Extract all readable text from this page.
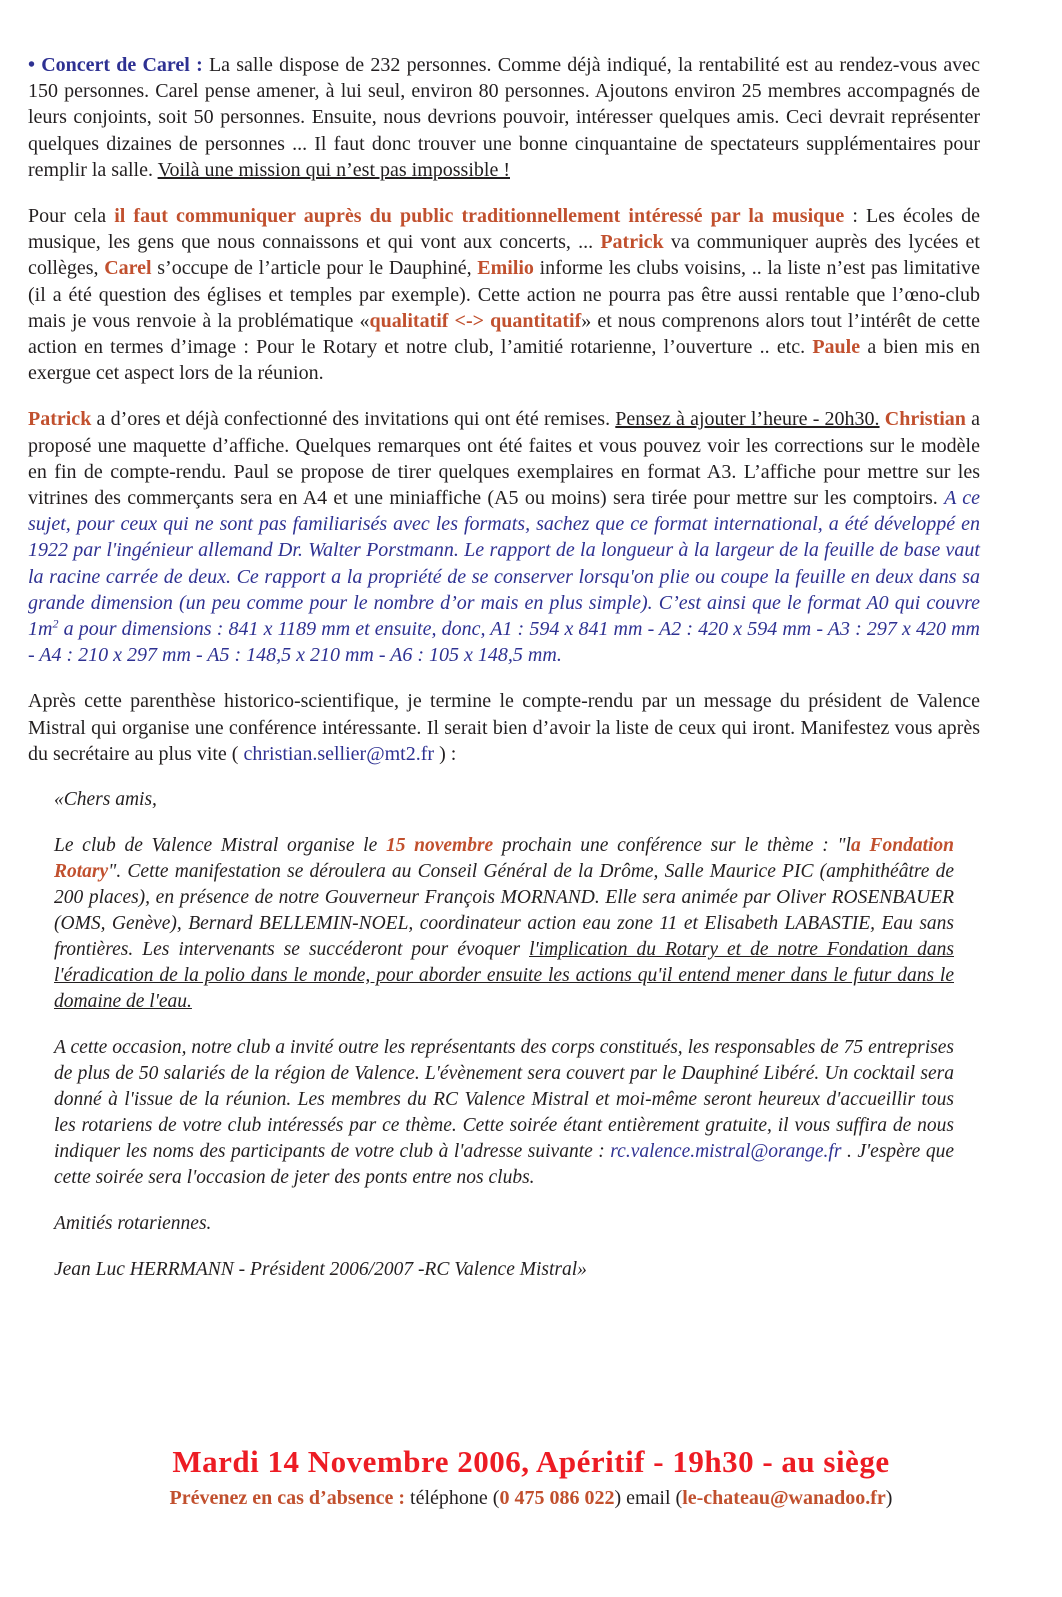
• Concert de Carel : La salle dispose de 232 personnes. Comme déjà indiqué, la rentabilité est au rendez-vous avec 150 personnes. Carel pense amener, à lui seul, environ 80 personnes. Ajoutons environ 25 membres accompagnés de leurs conjoints, soit 50 personnes. Ensuite, nous devrions pouvoir, intéresser quelques amis. Ceci devrait représenter quelques dizaines de personnes ... Il faut donc trouver une bonne cinquantaine de spectateurs supplémentaires pour remplir la salle. Voilà une mission qui n’est pas impossible !

Pour cela il faut communiquer auprès du public traditionnellement intéressé par la musique : Les écoles de musique, les gens que nous connaissons et qui vont aux concerts, ... Patrick va communiquer auprès des lycées et collèges, Carel s’occupe de l’article pour le Dauphiné, Emilio informe les clubs voisins, .. la liste n’est pas limitative (il a été question des églises et temples par exemple). Cette action ne pourra pas être aussi rentable que l’œno-club mais je vous renvoie à la problématique «qualitatif <-> quantitatif» et nous comprenons alors tout l’intérêt de cette action en termes d’image : Pour le Rotary et notre club, l’amitié rotarienne, l’ouverture .. etc. Paule a bien mis en exergue cet aspect lors de la réunion.

Patrick a d’ores et déjà confectionné des invitations qui ont été remises. Pensez à ajouter l’heure - 20h30. Christian a proposé une maquette d’affiche. Quelques remarques ont été faites et vous pouvez voir les corrections sur le modèle en fin de compte-rendu. Paul se propose de tirer quelques exemplaires en format A3. L’affiche pour mettre sur les vitrines des commerçants sera en A4 et une miniaffiche (A5 ou moins) sera tirée pour mettre sur les comptoirs. A ce sujet, pour ceux qui ne sont pas familiarisés avec les formats, sachez que ce format international, a été développé en 1922 par l'ingénieur allemand Dr. Walter Porstmann. Le rapport de la longueur à la largeur de la feuille de base vaut la racine carrée de deux. Ce rapport a la propriété de se conserver lorsqu'on plie ou coupe la feuille en deux dans sa grande dimension (un peu comme pour le nombre d’or mais en plus simple). C’est ainsi que le format A0 qui couvre $1m^2$ a pour dimensions : 841 x 1189 mm et ensuite, donc, A1 : 594 x 841 mm - A2 : 420 x 594 mm - A3 : 297 x 420 mm - A4 : 210 x 297 mm - A5 : 148,5 x 210 mm - A6 : 105 x 148,5 mm.

Après cette parenthèse historico-scientifique, je termine le compte-rendu par un message du président de Valence Mistral qui organise une conférence intéressante. Il serait bien d’avoir la liste de ceux qui iront. Manifestez vous après du secrétaire au plus vite ( christian.sellier@mt2.fr ) :

«Chers amis,

Le club de Valence Mistral organise le 15 novembre prochain une conférence sur le thème : "la Fondation Rotary". Cette manifestation se déroulera au Conseil Général de la Drôme, Salle Maurice PIC (amphithéâtre de 200 places), en présence de notre Gouverneur François MORNAND. Elle sera animée par Oliver ROSENBAUER (OMS, Genève), Bernard BELLEMIN-NOEL, coordinateur action eau zone 11 et Elisabeth LABASTIE, Eau sans frontières. Les intervenants se succéderont pour évoquer l'implication du Rotary et de notre Fondation dans l'éradication de la polio dans le monde, pour aborder ensuite les actions qu'il entend mener dans le futur dans le domaine de l'eau.

A cette occasion, notre club a invité outre les représentants des corps constitués, les responsables de 75 entreprises de plus de 50 salariés de la région de Valence. L'évènement sera couvert par le Dauphiné Libéré. Un cocktail sera donné à l'issue de la réunion. Les membres du RC Valence Mistral et moi-même seront heureux d'accueillir tous les rotariens de votre club intéressés par ce thème. Cette soirée étant entièrement gratuite, il vous suffira de nous indiquer les noms des participants de votre club à l'adresse suivante : rc.valence.mistral@orange.fr . J'espère que cette soirée sera l'occasion de jeter des ponts entre nos clubs.

Amitiés rotariennes.

Jean Luc HERRMANN - Président 2006/2007 -RC Valence Mistral»

Mardi 14 Novembre 2006, Apéritif - 19h30 - au siège
Prévenez en cas d’absence : téléphone (0 475 086 022) email (le-chateau@wanadoo.fr)
